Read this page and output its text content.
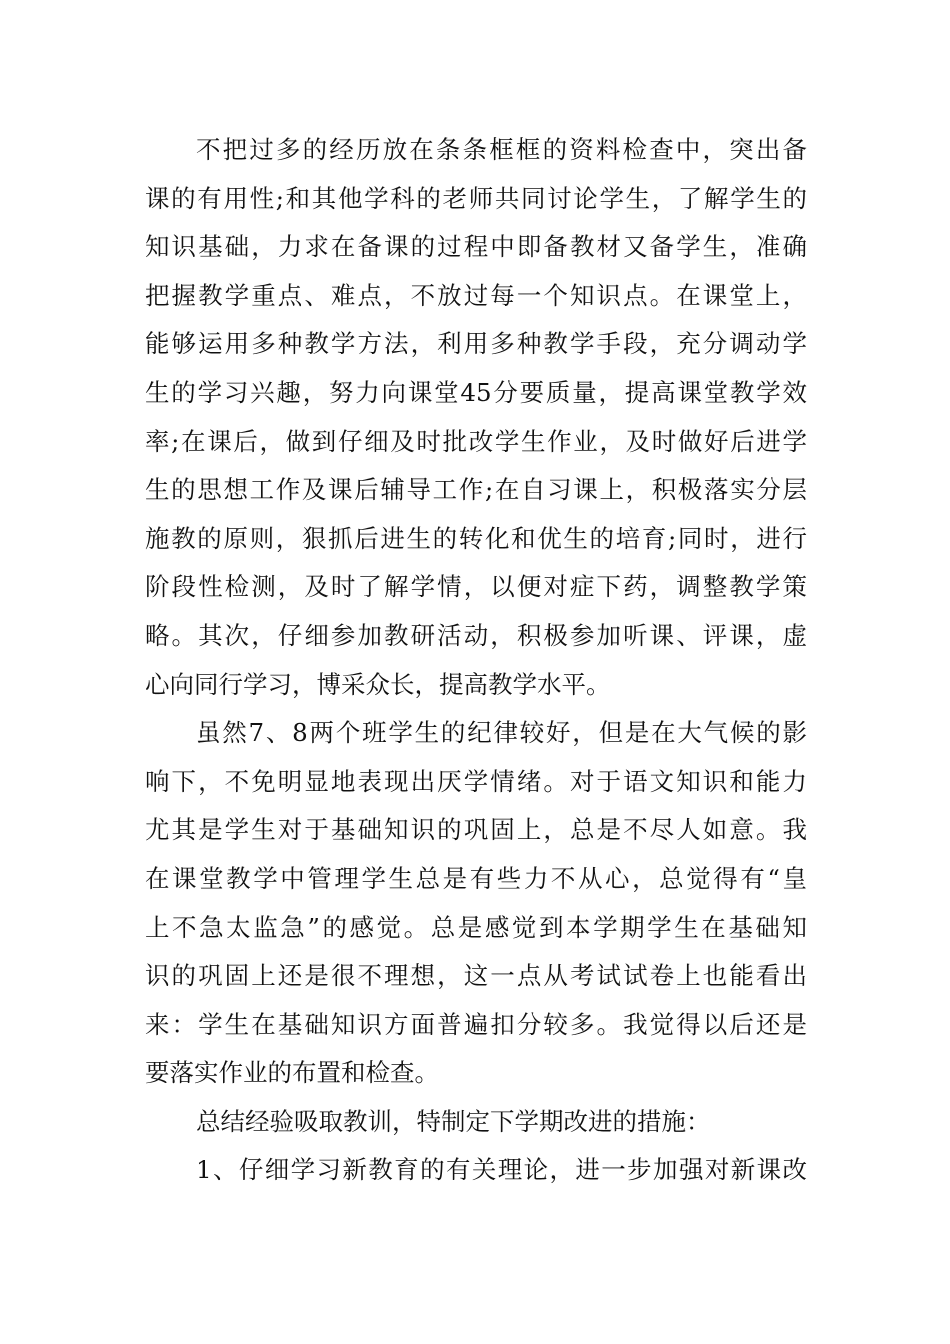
不把过多的经历放在条条框框的资料检查中，突出备
课的有用性;和其他学科的老师共同讨论学生，了解学生的
知识基础，力求在备课的过程中即备教材又备学生，准确
把握教学重点、难点，不放过每一个知识点。在课堂上，
能够运用多种教学方法，利用多种教学手段，充分调动学
生的学习兴趣，努力向课堂45分要质量，提高课堂教学效
率;在课后，做到仔细及时批改学生作业，及时做好后进学
生的思想工作及课后辅导工作;在自习课上，积极落实分层
施教的原则，狠抓后进生的转化和优生的培育;同时，进行
阶段性检测，及时了解学情，以便对症下药，调整教学策
略。其次，仔细参加教研活动，积极参加听课、评课，虚
心向同行学习，博采众长，提高教学水平。
虽然7、8两个班学生的纪律较好，但是在大气候的影
响下，不免明显地表现出厌学情绪。对于语文知识和能力
尤其是学生对于基础知识的巩固上，总是不尽人如意。我
在课堂教学中管理学生总是有些力不从心，总觉得有“皇
上不急太监急”的感觉。总是感觉到本学期学生在基础知
识的巩固上还是很不理想，这一点从考试试卷上也能看出
来：学生在基础知识方面普遍扣分较多。我觉得以后还是
要落实作业的布置和检查。
总结经验吸取教训，特制定下学期改进的措施：
1、仔细学习新教育的有关理论，进一步加强对新课改
